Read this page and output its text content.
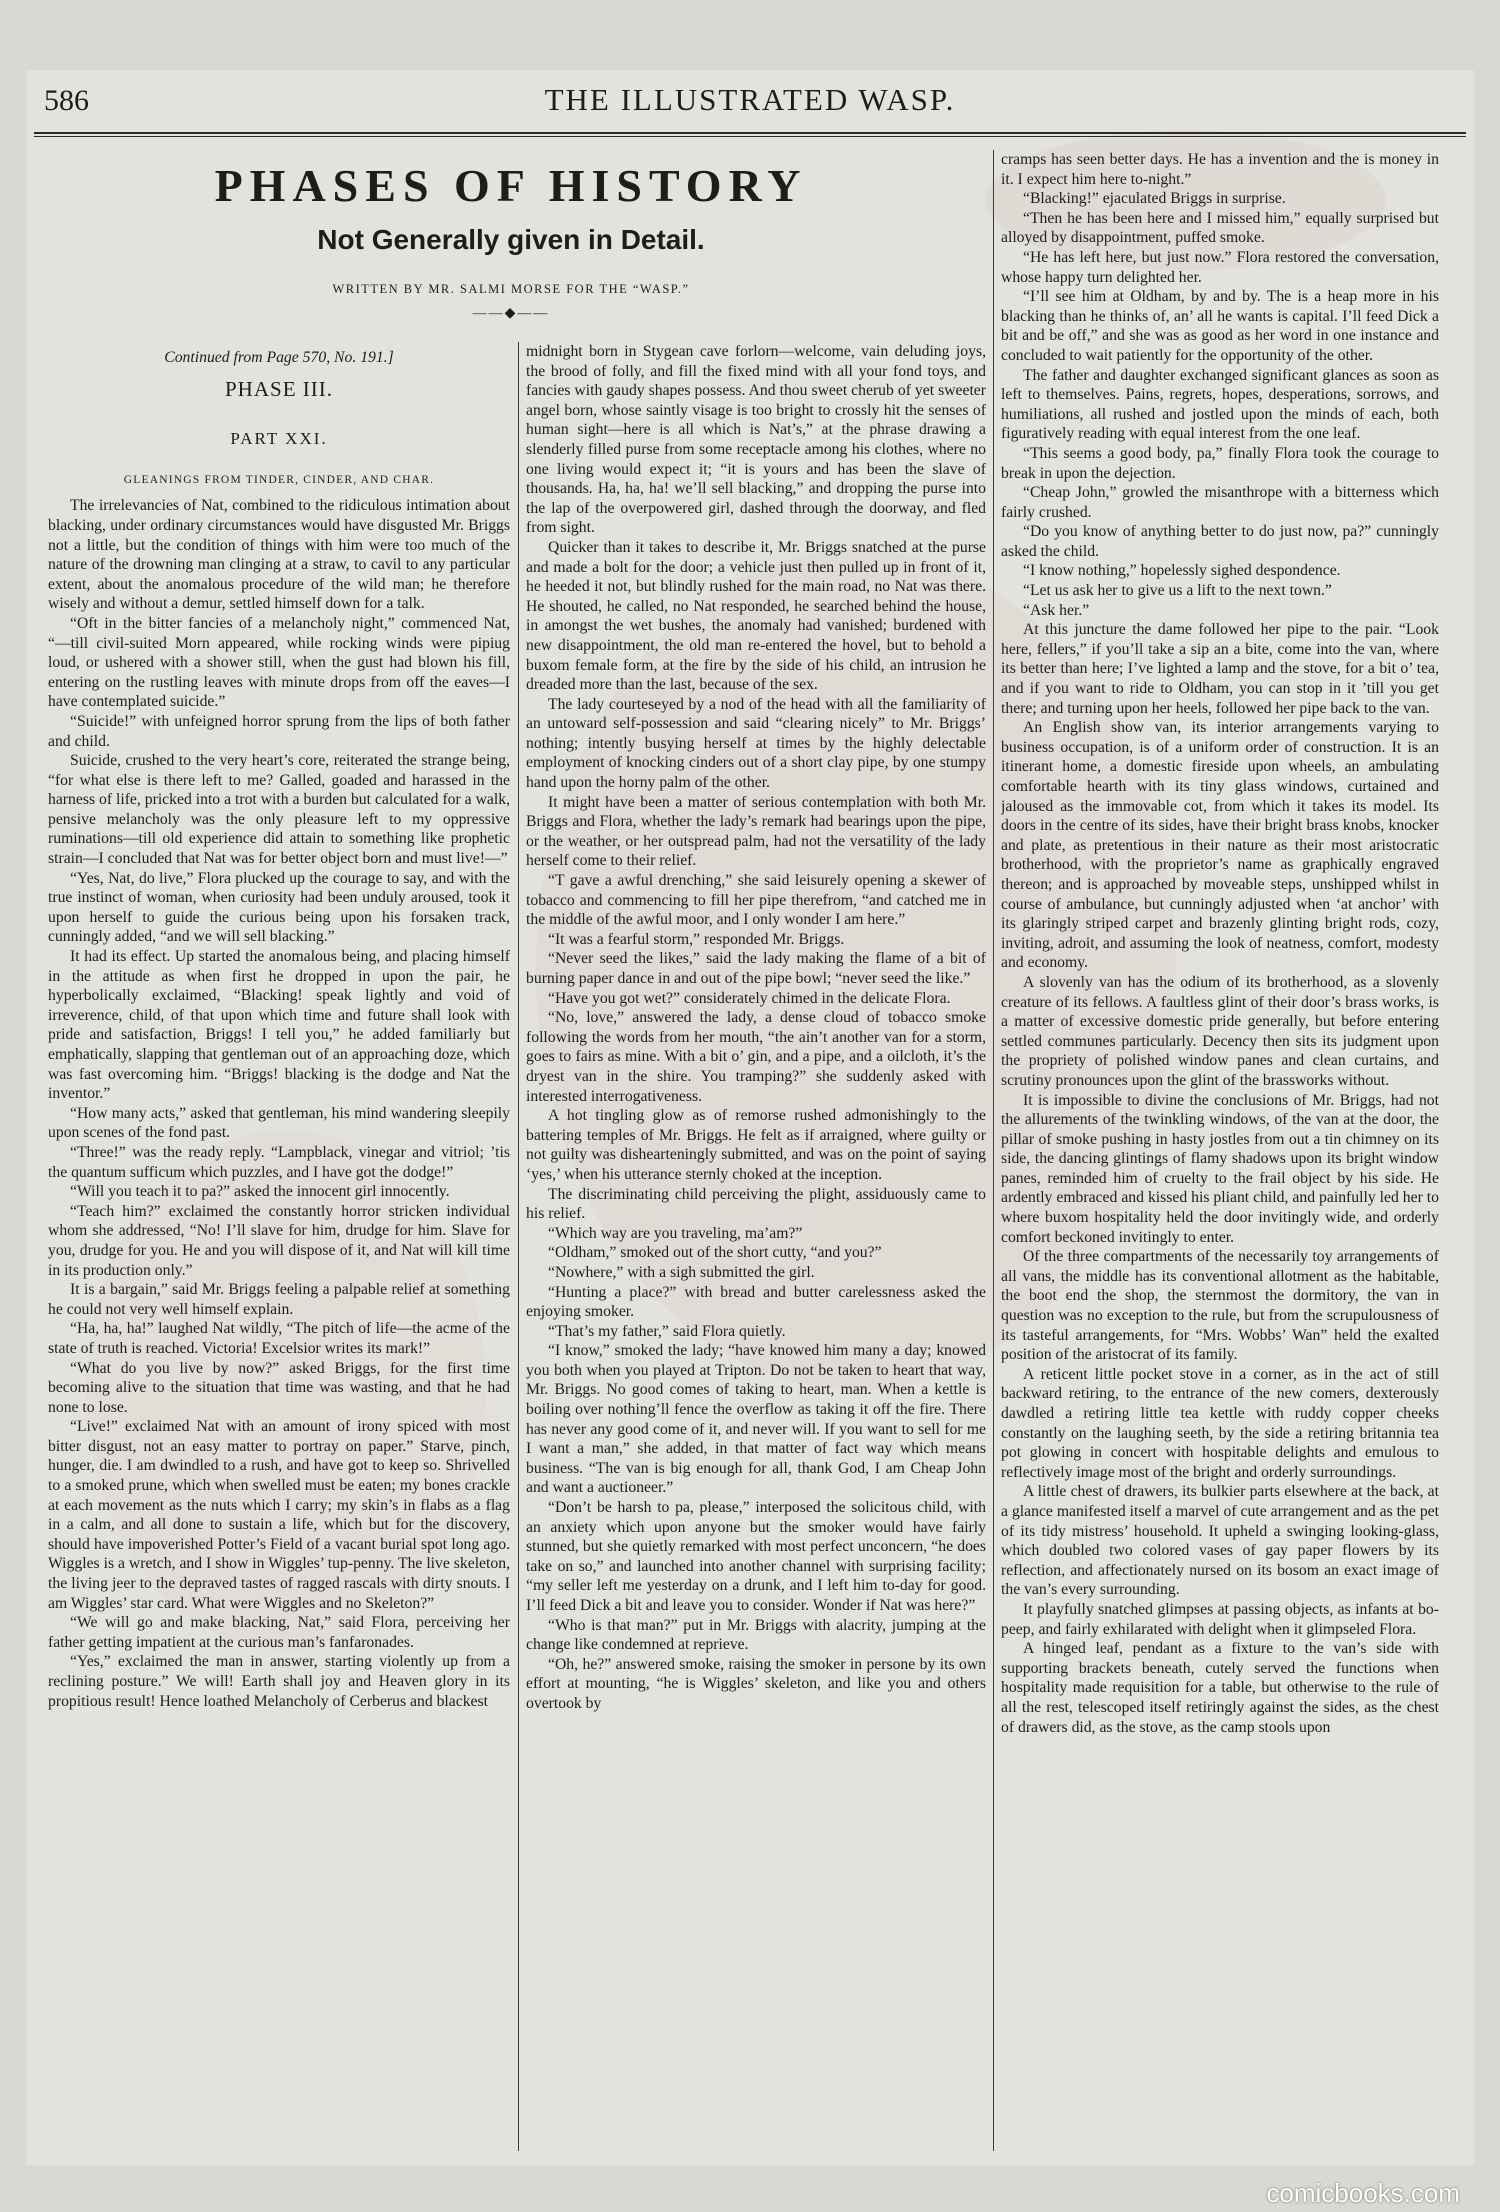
586	THE ILLUSTRATED WASP.
PHASES OF HISTORY

Not Generally given in Detail.

WRITTEN BY MR. SALMI MORSE FOR THE “WASP.”

——◆——

Continued from Page 570, No. 191.]

PHASE III.

PART XXI.

GLEANINGS FROM TINDER, CINDER, AND CHAR.

The irrelevancies of Nat, combined to the ridiculous intimation about blacking, under ordinary circumstances would have disgusted Mr. Briggs not a little, but the condition of things with him were too much of the nature of the drowning man clinging at a straw, to cavil to any particular extent, about the anomalous procedure of the wild man; he therefore wisely and without a demur, settled himself down for a talk.

“Oft in the bitter fancies of a melancholy night,” commenced Nat, “—till civil-suited Morn appeared, while rocking winds were pipiug loud, or ushered with a shower still, when the gust had blown his fill, entering on the rustling leaves with minute drops from off the eaves—I have contemplated suicide.”

“Suicide!” with unfeigned horror sprung from the lips of both father and child.

Suicide, crushed to the very heart’s core, reiterated the strange being, “for what else is there left to me? Galled, goaded and harassed in the harness of life, pricked into a trot with a burden but calculated for a walk, pensive melancholy was the only pleasure left to my oppressive ruminations—till old experience did attain to something like prophetic strain—I concluded that Nat was for better object born and must live!—”

“Yes, Nat, do live,” Flora plucked up the courage to say, and with the true instinct of woman, when curiosity had been unduly aroused, took it upon herself to guide the curious being upon his forsaken track, cunningly added, “and we will sell blacking.”

It had its effect. Up started the anomalous being, and placing himself in the attitude as when first he dropped in upon the pair, he hyperbolically exclaimed, “Blacking! speak lightly and void of irreverence, child, of that upon which time and future shall look with pride and satisfaction, Briggs! I tell you,” he added familiarly but emphatically, slapping that gentleman out of an approaching doze, which was fast overcoming him. “Briggs! blacking is the dodge and Nat the inventor.”

“How many acts,” asked that gentleman, his mind wandering sleepily upon scenes of the fond past.

“Three!” was the ready reply. “Lampblack, vinegar and vitriol; ’tis the quantum sufficum which puzzles, and I have got the dodge!”

“Will you teach it to pa?” asked the innocent girl innocently.

“Teach him?” exclaimed the constantly horror stricken individual whom she addressed, “No! I’ll slave for him, drudge for him. Slave for you, drudge for you. He and you will dispose of it, and Nat will kill time in its production only.”

It is a bargain,” said Mr. Briggs feeling a palpable relief at something he could not very well himself explain.

“Ha, ha, ha!” laughed Nat wildly, “The pitch of life—the acme of the state of truth is reached. Victoria! Excelsior writes its mark!”

“What do you live by now?” asked Briggs, for the first time becoming alive to the situation that time was wasting, and that he had none to lose.

“Live!” exclaimed Nat with an amount of irony spiced with most bitter disgust, not an easy matter to portray on paper.” Starve, pinch, hunger, die. I am dwindled to a rush, and have got to keep so. Shrivelled to a smoked prune, which when swelled must be eaten; my bones crackle at each movement as the nuts which I carry; my skin’s in flabs as a flag in a calm, and all done to sustain a life, which but for the discovery, should have impoverished Potter’s Field of a vacant burial spot long ago. Wiggles is a wretch, and I show in Wiggles’ tup-penny. The live skeleton, the living jeer to the depraved tastes of ragged rascals with dirty snouts. I am Wiggles’ star card. What were Wiggles and no Skeleton?”

“We will go and make blacking, Nat,” said Flora, perceiving her father getting impatient at the curious man’s fanfaronades.

“Yes,” exclaimed the man in answer, starting violently up from a reclining posture.” We will! Earth shall joy and Heaven glory in its propitious result! Hence loathed Melancholy of Cerberus and blackest

midnight born in Stygean cave forlorn—welcome, vain deluding joys, the brood of folly, and fill the fixed mind with all your fond toys, and fancies with gaudy shapes possess. And thou sweet cherub of yet sweeter angel born, whose saintly visage is too bright to crossly hit the senses of human sight—here is all which is Nat’s,” at the phrase drawing a slenderly filled purse from some receptacle among his clothes, where no one living would expect it; “it is yours and has been the slave of thousands. Ha, ha, ha! we’ll sell blacking,” and dropping the purse into the lap of the overpowered girl, dashed through the doorway, and fled from sight.

Quicker than it takes to describe it, Mr. Briggs snatched at the purse and made a bolt for the door; a vehicle just then pulled up in front of it, he heeded it not, but blindly rushed for the main road, no Nat was there. He shouted, he called, no Nat responded, he searched behind the house, in amongst the wet bushes, the anomaly had vanished; burdened with new disappointment, the old man re-entered the hovel, but to behold a buxom female form, at the fire by the side of his child, an intrusion he dreaded more than the last, because of the sex.

The lady courteseyed by a nod of the head with all the familiarity of an untoward self-possession and said “clearing nicely” to Mr. Briggs’ nothing; intently busying herself at times by the highly delectable employment of knocking cinders out of a short clay pipe, by one stumpy hand upon the horny palm of the other.

It might have been a matter of serious contemplation with both Mr. Briggs and Flora, whether the lady’s remark had bearings upon the pipe, or the weather, or her outspread palm, had not the versatility of the lady herself come to their relief.

“T gave a awful drenching,” she said leisurely opening a skewer of tobacco and commencing to fill her pipe therefrom, “and catched me in the middle of the awful moor, and I only wonder I am here.”

“It was a fearful storm,” responded Mr. Briggs.

“Never seed the likes,” said the lady making the flame of a bit of burning paper dance in and out of the pipe bowl; “never seed the like.”

“Have you got wet?” considerately chimed in the delicate Flora.

“No, love,” answered the lady, a dense cloud of tobacco smoke following the words from her mouth, “the ain’t another van for a storm, goes to fairs as mine. With a bit o’ gin, and a pipe, and a oilcloth, it’s the dryest van in the shire. You tramping?” she suddenly asked with interested interrogativeness.

A hot tingling glow as of remorse rushed admonishingly to the battering temples of Mr. Briggs. He felt as if arraigned, where guilty or not guilty was dishearteningly submitted, and was on the point of saying ‘yes,’ when his utterance sternly choked at the inception.

The discriminating child perceiving the plight, assiduously came to his relief.

“Which way are you traveling, ma’am?”

“Oldham,” smoked out of the short cutty, “and you?”

“Nowhere,” with a sigh submitted the girl.

“Hunting a place?” with bread and butter carelessness asked the enjoying smoker.

“That’s my father,” said Flora quietly.

“I know,” smoked the lady; “have knowed him many a day; knowed you both when you played at Tripton. Do not be taken to heart that way, Mr. Briggs. No good comes of taking to heart, man. When a kettle is boiling over nothing’ll fence the overflow as taking it off the fire. There has never any good come of it, and never will. If you want to sell for me I want a man,” she added, in that matter of fact way which means business. “The van is big enough for all, thank God, I am Cheap John and want a auctioneer.”

“Don’t be harsh to pa, please,” interposed the solicitous child, with an anxiety which upon anyone but the smoker would have fairly stunned, but she quietly remarked with most perfect unconcern, “he does take on so,” and launched into another channel with surprising facility; “my seller left me yesterday on a drunk, and I left him to-day for good. I’ll feed Dick a bit and leave you to consider. Wonder if Nat was here?”

“Who is that man?” put in Mr. Briggs with alacrity, jumping at the change like condemned at reprieve.

“Oh, he?” answered smoke, raising the smoker in persone by its own effort at mounting, “he is Wiggles’ skeleton, and like you and others overtook by

cramps has seen better days. He has a invention and the is money in it. I expect him here to-night.”

“Blacking!” ejaculated Briggs in surprise.

“Then he has been here and I missed him,” equally surprised but alloyed by disappointment, puffed smoke.

“He has left here, but just now.” Flora restored the conversation, whose happy turn delighted her.

“I’ll see him at Oldham, by and by. The is a heap more in his blacking than he thinks of, an’ all he wants is capital. I’ll feed Dick a bit and be off,” and she was as good as her word in one instance and concluded to wait patiently for the opportunity of the other.

The father and daughter exchanged significant glances as soon as left to themselves. Pains, regrets, hopes, desperations, sorrows, and humiliations, all rushed and jostled upon the minds of each, both figuratively reading with equal interest from the one leaf.

“This seems a good body, pa,” finally Flora took the courage to break in upon the dejection.

“Cheap John,” growled the misanthrope with a bitterness which fairly crushed.

“Do you know of anything better to do just now, pa?” cunningly asked the child.

“I know nothing,” hopelessly sighed despondence.

“Let us ask her to give us a lift to the next town.”

“Ask her.”

At this juncture the dame followed her pipe to the pair. “Look here, fellers,” if you’ll take a sip an a bite, come into the van, where its better than here; I’ve lighted a lamp and the stove, for a bit o’ tea, and if you want to ride to Oldham, you can stop in it ’till you get there; and turning upon her heels, followed her pipe back to the van.

An English show van, its interior arrangements varying to business occupation, is of a uniform order of construction. It is an itinerant home, a domestic fireside upon wheels, an ambulating comfortable hearth with its tiny glass windows, curtained and jaloused as the immovable cot, from which it takes its model. Its doors in the centre of its sides, have their bright brass knobs, knocker and plate, as pretentious in their nature as their most aristocratic brotherhood, with the proprietor’s name as graphically engraved thereon; and is approached by moveable steps, unshipped whilst in course of ambulance, but cunningly adjusted when ‘at anchor’ with its glaringly striped carpet and brazenly glinting bright rods, cozy, inviting, adroit, and assuming the look of neatness, comfort, modesty and economy.

A slovenly van has the odium of its brotherhood, as a slovenly creature of its fellows. A faultless glint of their door’s brass works, is a matter of excessive domestic pride generally, but before entering settled communes particularly. Decency then sits its judgment upon the propriety of polished window panes and clean curtains, and scrutiny pronounces upon the glint of the brassworks without.

It is impossible to divine the conclusions of Mr. Briggs, had not the allurements of the twinkling windows, of the van at the door, the pillar of smoke pushing in hasty jostles from out a tin chimney on its side, the dancing glintings of flamy shadows upon its bright window panes, reminded him of cruelty to the frail object by his side. He ardently embraced and kissed his pliant child, and painfully led her to where buxom hospitality held the door invitingly wide, and orderly comfort beckoned invitingly to enter.

Of the three compartments of the necessarily toy arrangements of all vans, the middle has its conventional allotment as the habitable, the boot end the shop, the sternmost the dormitory, the van in question was no exception to the rule, but from the scrupulousness of its tasteful arrangements, for “Mrs. Wobbs’ Wan” held the exalted position of the aristocrat of its family.

A reticent little pocket stove in a corner, as in the act of still backward retiring, to the entrance of the new comers, dexterously dawdled a retiring little tea kettle with ruddy copper cheeks constantly on the laughing seeth, by the side a retiring britannia tea pot glowing in concert with hospitable delights and emulous to reflectively image most of the bright and orderly surroundings.

A little chest of drawers, its bulkier parts elsewhere at the back, at a glance manifested itself a marvel of cute arrangement and as the pet of its tidy mistress’ household. It upheld a swinging looking-glass, which doubled two colored vases of gay paper flowers by its reflection, and affectionately nursed on its bosom an exact image of the van’s every surrounding.

It playfully snatched glimpses at passing objects, as infants at bo-peep, and fairly exhilarated with delight when it glimpseled Flora.

A hinged leaf, pendant as a fixture to the van’s side with supporting brackets beneath, cutely served the functions when hospitality made requisition for a table, but otherwise to the rule of all the rest, telescoped itself retiringly against the sides, as the chest of drawers did, as the stove, as the camp stools upon

comicbooks.com
